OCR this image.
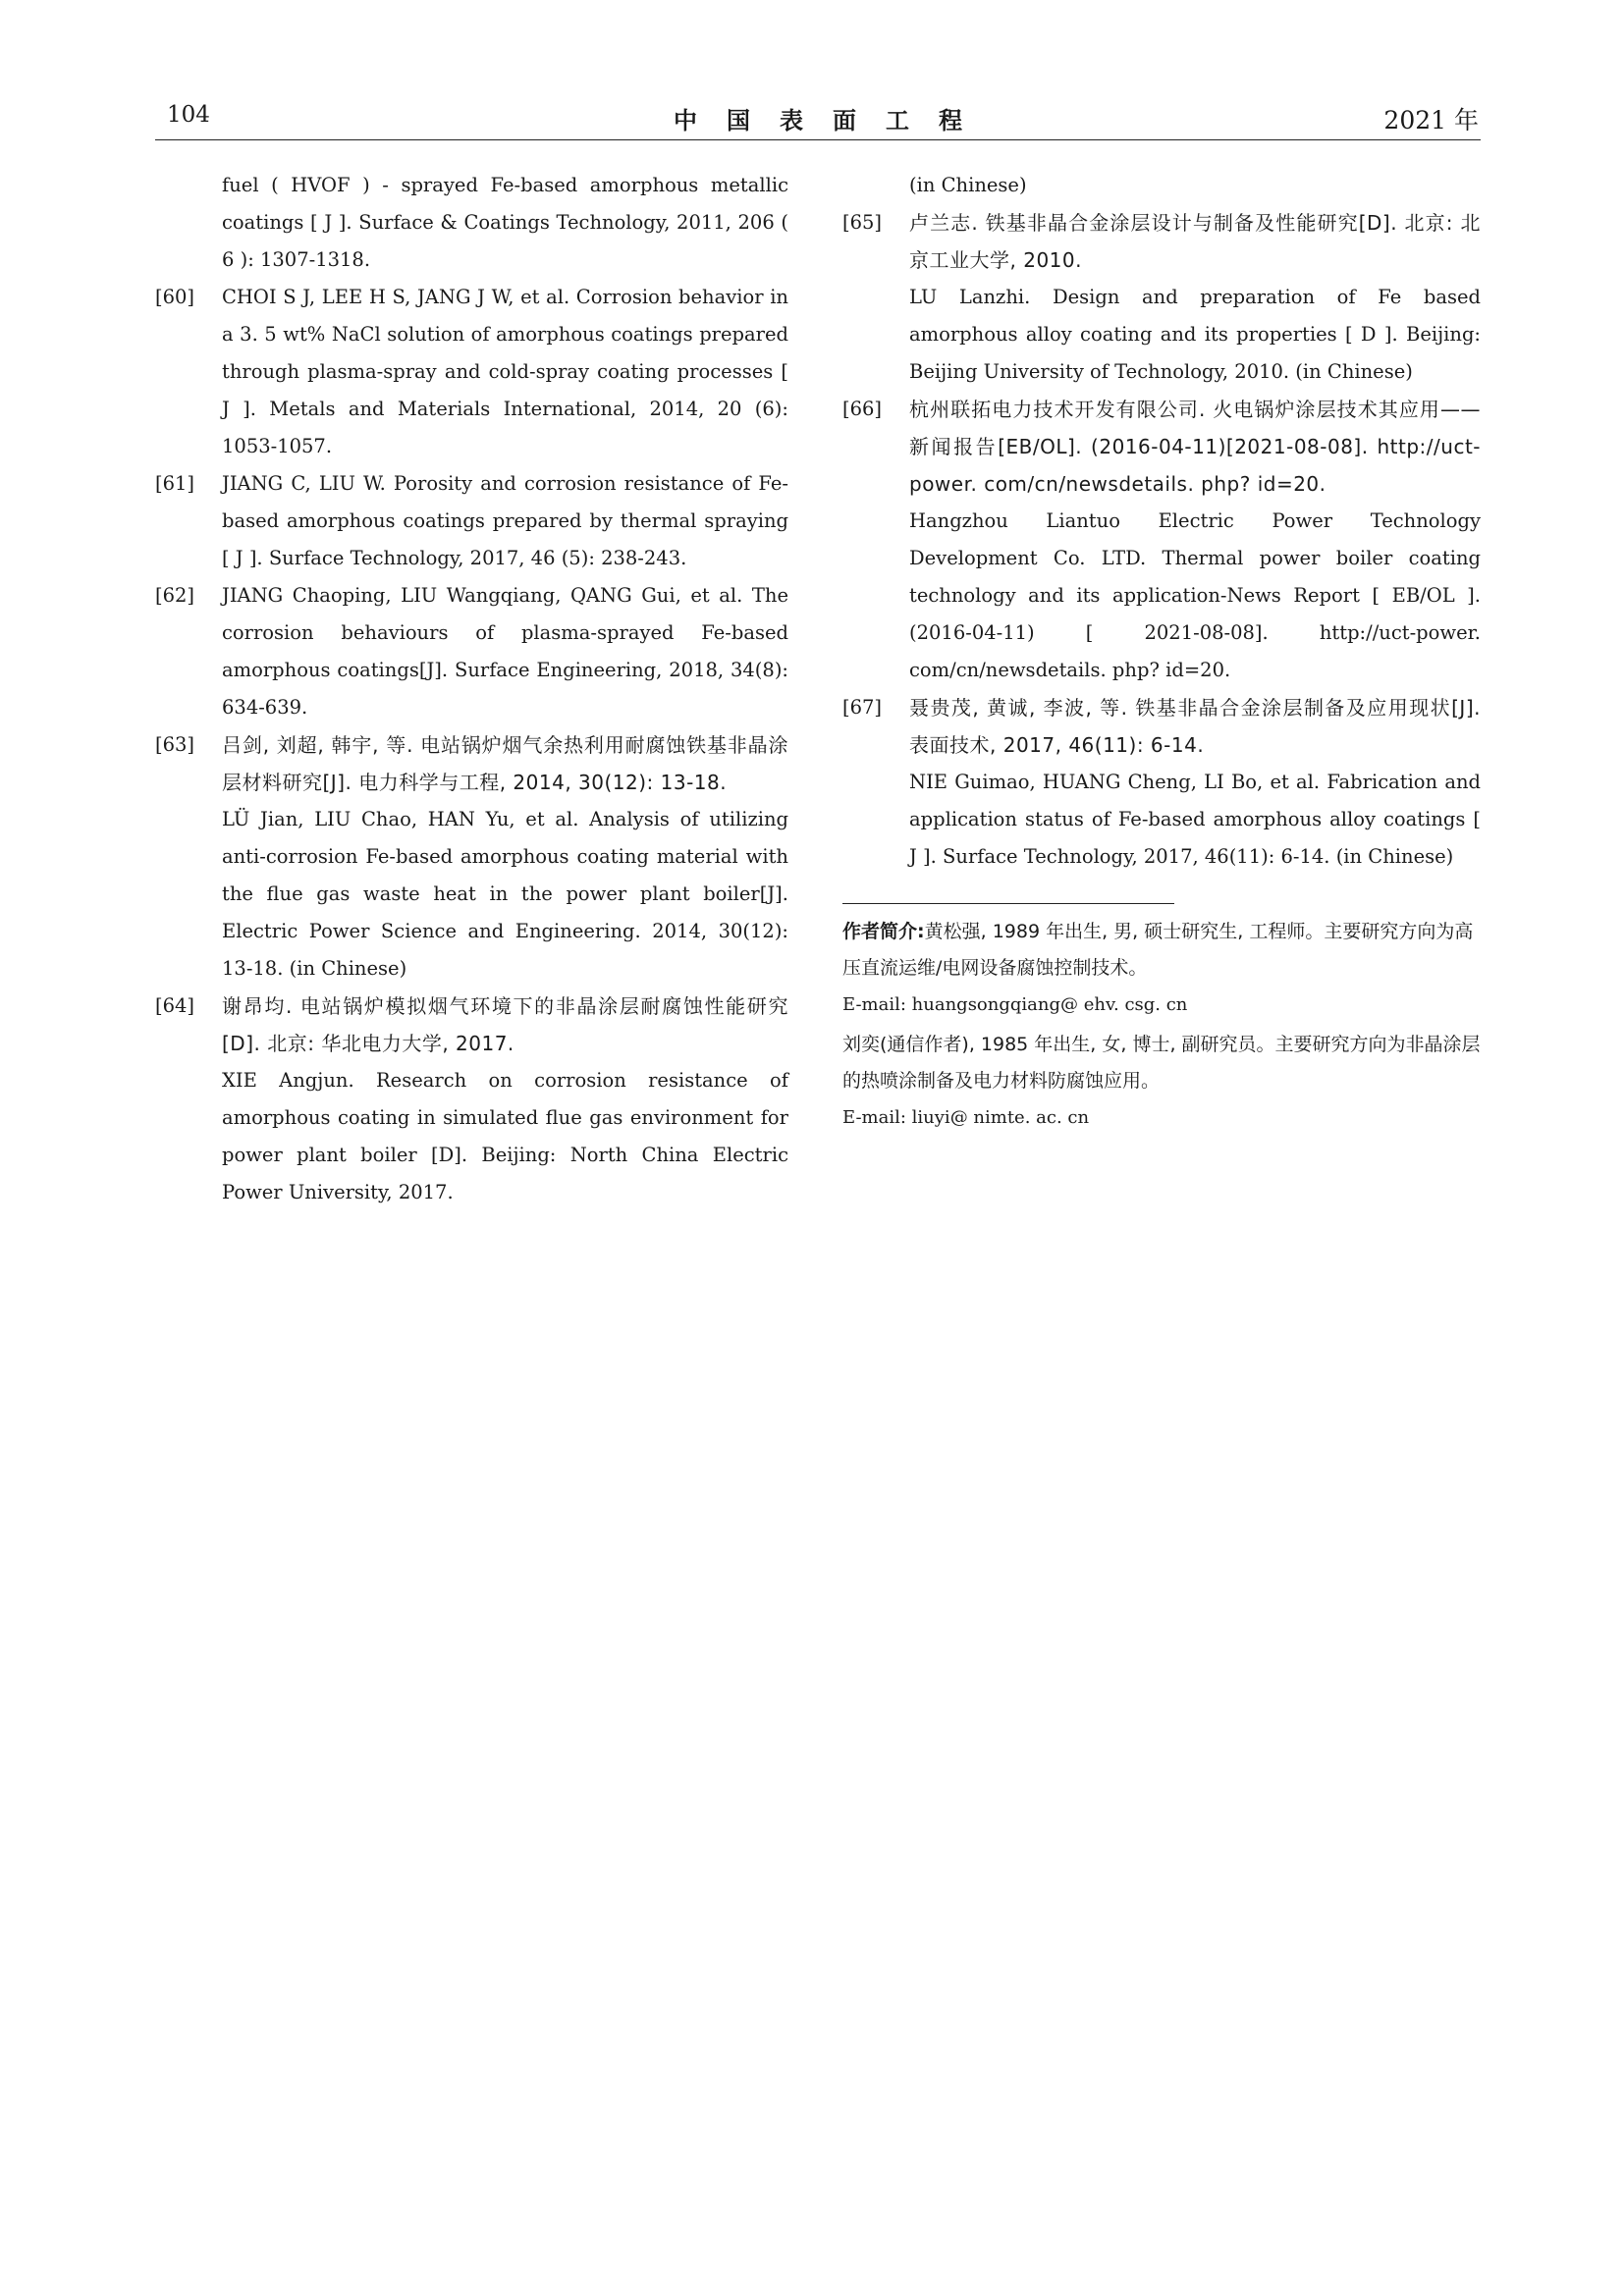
104	中国表面工程	2021 年

fuel ( HVOF ) - sprayed Fe-based amorphous metallic coatings [ J ]. Surface & Coatings Technology, 2011, 206 ( 6 ): 1307-1318.

[60] CHOI S J, LEE H S, JANG J W, et al. Corrosion behavior in a 3. 5 wt% NaCl solution of amorphous coatings prepared through plasma-spray and cold-spray coating processes [ J ]. Metals and Materials International, 2014, 20 (6): 1053-1057.

[61] JIANG C, LIU W. Porosity and corrosion resistance of Fe-based amorphous coatings prepared by thermal spraying [ J ]. Surface Technology, 2017, 46 (5): 238-243.

[62] JIANG Chaoping, LIU Wangqiang, QANG Gui, et al. The corrosion behaviours of plasma-sprayed Fe-based amorphous coatings[J]. Surface Engineering, 2018, 34(8): 634-639.

[63] 吕剑, 刘超, 韩宇, 等. 电站锅炉烟气余热利用耐腐蚀铁基非晶涂层材料研究[J]. 电力科学与工程, 2014, 30(12): 13-18.

LÜ Jian, LIU Chao, HAN Yu, et al. Analysis of utilizing anti-corrosion Fe-based amorphous coating material with the flue gas waste heat in the power plant boiler[J]. Electric Power Science and Engineering. 2014, 30(12): 13-18. (in Chinese)

[64] 谢昂均. 电站锅炉模拟烟气环境下的非晶涂层耐腐蚀性能研究[D]. 北京: 华北电力大学, 2017.

XIE Angjun. Research on corrosion resistance of amorphous coating in simulated flue gas environment for power plant boiler [D]. Beijing: North China Electric Power University, 2017.

(in Chinese)

[65] 卢兰志. 铁基非晶合金涂层设计与制备及性能研究[D]. 北京: 北京工业大学, 2010.

LU Lanzhi. Design and preparation of Fe based amorphous alloy coating and its properties [ D ]. Beijing: Beijing University of Technology, 2010. (in Chinese)

[66] 杭州联拓电力技术开发有限公司. 火电锅炉涂层技术其应用——新闻报告[EB/OL]. (2016-04-11)[2021-08-08]. http://uct-power. com/cn/newsdetails. php? id=20.

Hangzhou Liantuo Electric Power Technology Development Co. LTD. Thermal power boiler coating technology and its application-News Report [ EB/OL ]. (2016-04-11) [ 2021-08-08]. http://uct-power. com/cn/newsdetails. php? id=20.

[67] 聂贵茂, 黄诚, 李波, 等. 铁基非晶合金涂层制备及应用现状[J]. 表面技术, 2017, 46(11): 6-14.

NIE Guimao, HUANG Cheng, LI Bo, et al. Fabrication and application status of Fe-based amorphous alloy coatings [ J ]. Surface Technology, 2017, 46(11): 6-14. (in Chinese)

作者简介:黄松强, 1989 年出生, 男, 硕士研究生, 工程师。主要研究方向为高压直流运维/电网设备腐蚀控制技术。

E-mail: huangsongqiang@ ehv. csg. cn

刘奕(通信作者), 1985 年出生, 女, 博士, 副研究员。主要研究方向为非晶涂层的热喷涂制备及电力材料防腐蚀应用。

E-mail: liuyi@ nimte. ac. cn
